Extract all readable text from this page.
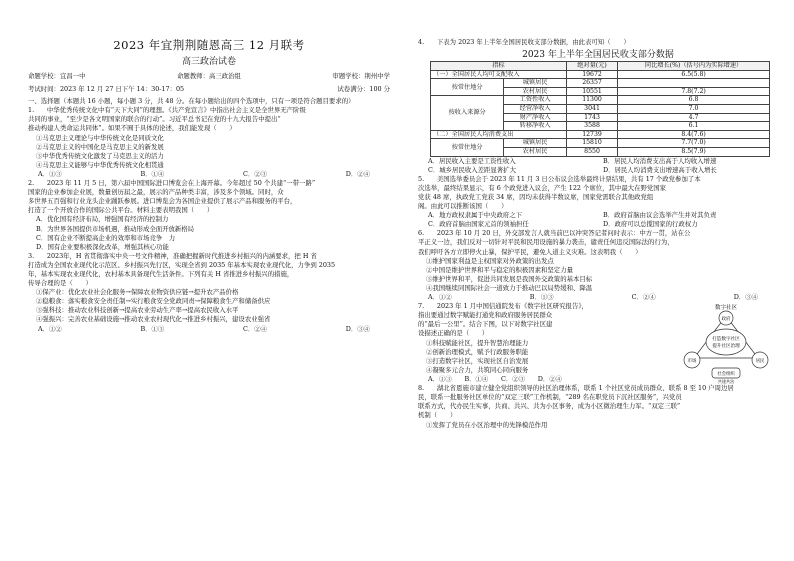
2023 年宜荆荆随恩高三 12 月联考
高三政治试卷
命题学校：宜昌一中	命题教师：高三政治组	审题学校：荆州中学
考试时间：2023 年 12 月 27 日下午 14：30-17：05	试卷满分：100 分
一、选择题（本题共 16 小题，每小题 3 分，共 48 分。在每小题给出的四个选项中，只有一项是符合题目要求的）
1.　　中华优秀传统文化中有“天下大同”的理想。《共产党宣言》中指出社会主义是全世界无产阶级
共同的事业，“至少是各文明国家的联合的行动”。习近平总书记在党的十九大报告中提出“
推动构建人类命运共同体”。如果不囿于具体的论述，我们能发现（　　）
①马克思主义理论与中华传统文化是同质文化
②马克思主义的中国化是马克思主义的新发展
③中华优秀传统文化激发了马克思主义的活力
④马克思主义能够与中华优秀传统文化相贯通
A．①③	B．①④	C．②③	D．②④
2.　　2023 年 11 月 5 日，第六届中国国际进口博览会在上海开幕。今年超过 50 个共建“一带一路”
国家的企业参加企业展，数量创历届之最，展示的产品种类丰富，涉及多个领域。同时，众
多世界五百强和行业龙头企业踊跃参展。进口博览会为各国企业提供了展示产品和服务的平台，
打造了一个开放合作的国际公共平台。材料主要表明我国（　　）
A．优化国有经济布局，增强国有经济的控制力
B．为世界各国提供市场机遇，推动形成全面开放新格局
C．国有企业不断提高企业的效率和市场竞争　力
D．国有企业要积极深化改革，增强其核心功能
3.　　2023年，H 省贯彻落实中央一号文件精神，准确把握新时代推进乡村振兴的内涵要求，把 H 省
打造成为全国农业现代化示范区、乡村振兴先行区，实现全省到 2035 年基本实现农业现代化，力争到 2035
年，基本实现农业现代化，农村基本具备现代生活条件。下列有关 H 省推进乡村振兴的措施，
传导合理的是（　　）
①保产业：优化农业社会化服务→保障农业物资供应链→提升农产品价格
②稳粮食：落实粮食安全责任制→实行粮食安全党政同责→保障粮食生产和储备供应
③强科技：推动农业科技创新→提高农业劳动生产率→提高农民收入水平
④强振兴：完善农业基础设施→推动农业农村现代化→推进乡村振兴，建设农业强省
A．①②	B．①③	C．②④	D．③④
4.　　下表为 2023 年上半年全国居民收支部分数据，由此表可知（　　）
2023 年上半年全国居民收支部分数据
指标		绝对量(元)	同比增长(%)（括号内为实际增速）
（一）全国居民人均可支配收入		19672	6.5(5.8)
按常住地分	城镇居民	26357	
	农村居民	10551	7.8(7.2)
按收入来源分	工资性收入	11300	6.8
	经营净收入	3041	7.0
	财产净收入	1743	4.7
	转移净收入	3588	6.1
（二）全国居民人均消费支出		12739	8.4(7.6)
按常住地分	城镇居民	15810	7.7(7.0)
	农村居民	8550	8.5(7.9)
A．居民收入主要是工资性收入	B．居民人均消费支出高于人均收入增速
C．城乡居民收入差距显著扩大	D．居民人均消费支出增速高于收入增长
5.　　美国选举委员会于 2023 年 11 月 3 日公布议会选举最终计票结果，共有 17 个政党参加了本
次选举，最终结果显示，有 6 个政党进入议会，产生 122 个席位，其中最大在野党国家
党获 48 席，执政党工党获 34 席，因均未获得半数议席，国家党需联合其他政党组
阁。由此可以推断该国（　　）
A．地方政权隶属于中央政府之下	B．政府首脑由议会选举产生并对其负责
C．政府首脑由国家元首的领袖担任	D．政府可以总揽国家的行政权力
6.　　2023 年 10 月 20 日，外交部发言人就当前巴以冲突答记者问时表示：中方一贯，站在公
平正义一边，我们反对一切针对平民和民用设施的暴力袭击，谴责任何违反国际法的行为，
我们呼吁各方立即停火止暴，保护平民，避免人道主义灾难。这表明我（　　）
①维护国家利益是主权国家对外政策的出发点
②中国是维护世界和平与稳定的积极因素和坚定力量
③维护世界和平，促进共同发展是我国外交政策的基本目标
④我国继续同国际社会一道致力于推动巴以局势缓和、降温
A．①②	B．①③	C．②④	D．③④
数字社区
打造数字社区
提升社区治理
政府
市场	居民
社会组织
共建共治
7.　　2023 年 1 月中国信通院发布《数字社区研究报告》，
指出要通过数字赋能打通党和政府服务居民群众
的“最后一公里”。结合下图，以下对数字社区建
设描述正确的是（　　）
①科技赋能社区，提升智慧治理能力
②创新治理模式，赋予行政服务职能
③打造数字社区，实现社区自治发展
④凝聚多元合力，共筑同心同向服务
A．①③ B．①④ C．②③ D．②④
8.　　湖北省恩施市建立健全党组织领导的社区治理体系，联系 1 个社区党员成员群众、联系 8 至 10 户周边居
民，联系一批服务社区单位的“双定三联”工作机制，“289 名在职党员下沉社区服务”，兴党员
联系方式，代办民生实事，共商、共兴、共为小区事务，成为小区微治理生力军。“双定三联”
机制（　　）
①发挥了党员在小区治理中的先锋模范作用
